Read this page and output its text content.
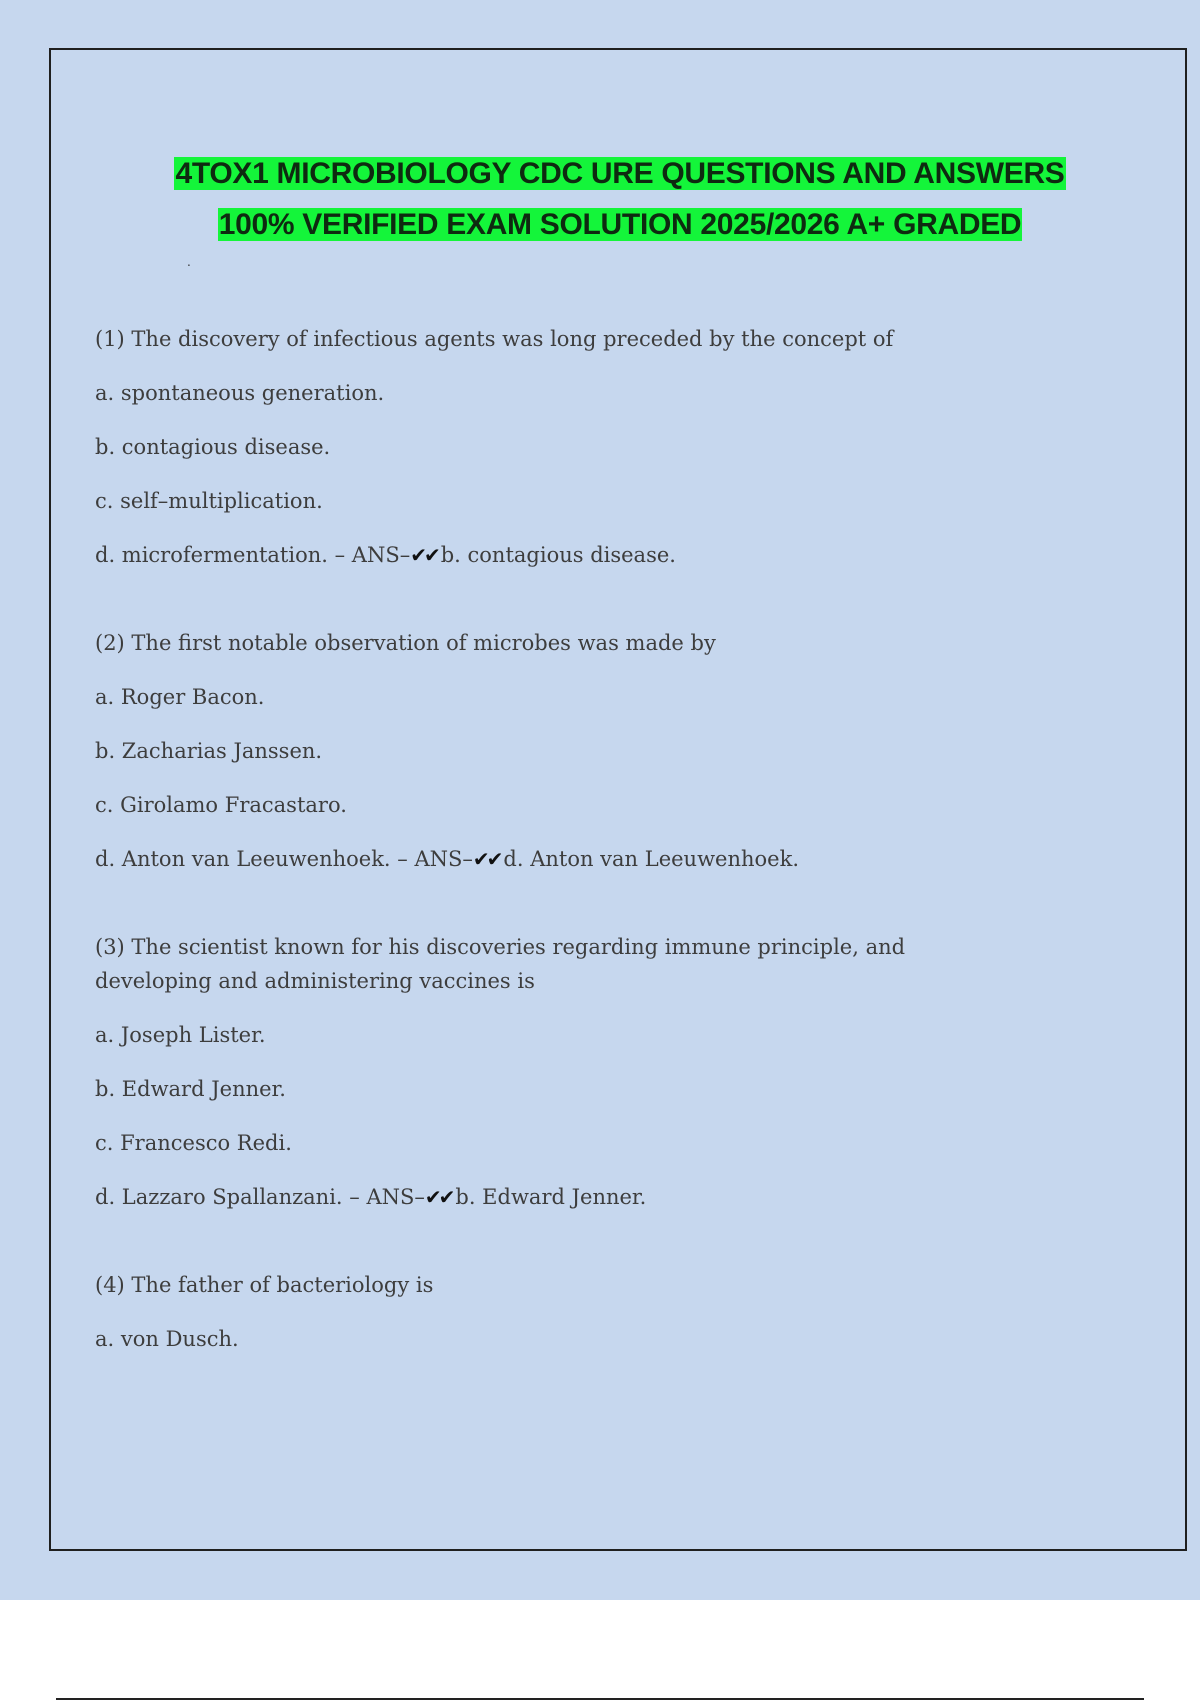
4TOX1 MICROBIOLOGY CDC URE QUESTIONS AND ANSWERS
100% VERIFIED EXAM SOLUTION 2025/2026 A+ GRADED
.
(1) The discovery of infectious agents was long preceded by the concept of
a. spontaneous generation.
b. contagious disease.
c. self–multiplication.
d. microfermentation. – ANS–✔✔ b. contagious disease.
(2) The first notable observation of microbes was made by
a. Roger Bacon.
b. Zacharias Janssen.
c. Girolamo Fracastaro.
d. Anton van Leeuwenhoek. – ANS–✔✔ d. Anton van Leeuwenhoek.
(3) The scientist known for his discoveries regarding immune principle, and developing and administering vaccines is
a. Joseph Lister.
b. Edward Jenner.
c. Francesco Redi.
d. Lazzaro Spallanzani. – ANS–✔✔ b. Edward Jenner.
(4) The father of bacteriology is
a. von Dusch.
